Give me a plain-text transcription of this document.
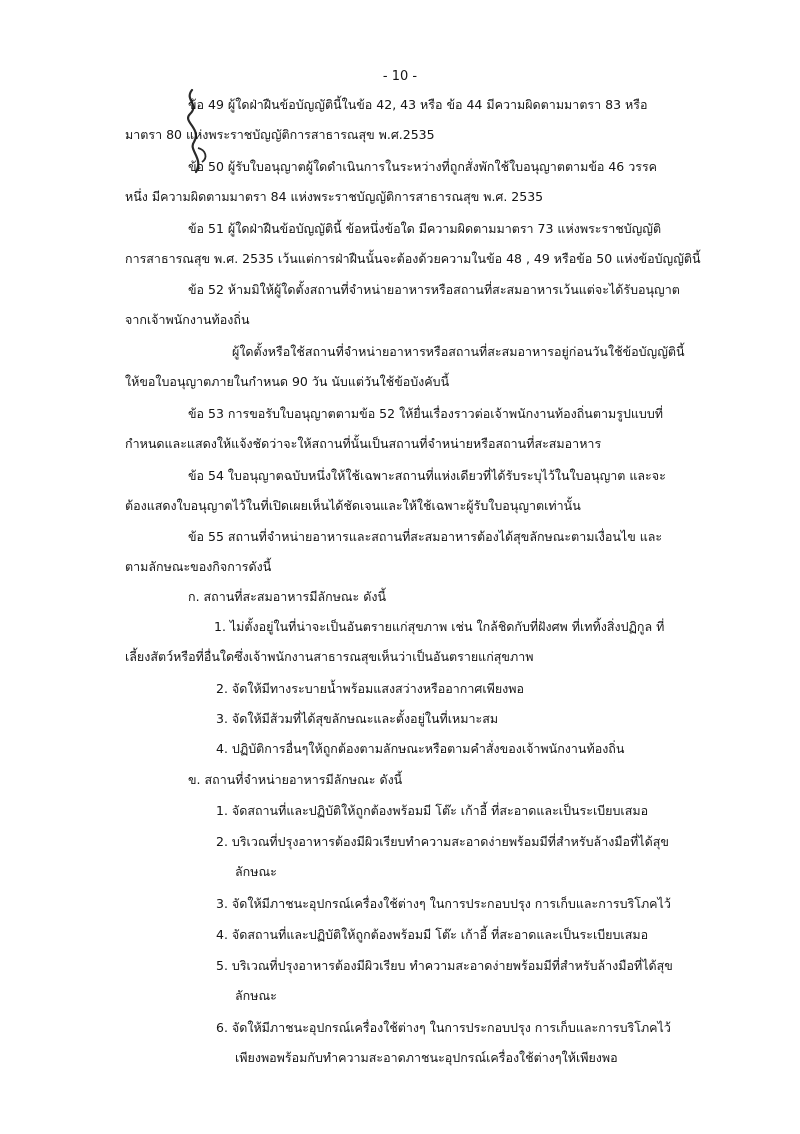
- 10 -
ข้อ 49 ผู้ใดฝ่าฝืนข้อบัญญัตินี้ในข้อ 42, 43 หรือ ข้อ 44 มีความผิดตามมาตรา 83 หรือ
มาตรา 80 แห่งพระราชบัญญัติการสาธารณสุข พ.ศ.2535
ข้อ 50 ผู้รับใบอนุญาตผู้ใดดำเนินการในระหว่างที่ถูกสั่งพักใช้ใบอนุญาตตามข้อ 46 วรรค
หนึ่ง มีความผิดตามมาตรา 84 แห่งพระราชบัญญัติการสาธารณสุข พ.ศ. 2535
ข้อ 51 ผู้ใดฝ่าฝืนข้อบัญญัตินี้ ข้อหนึ่งข้อใด มีความผิดตามมาตรา 73 แห่งพระราชบัญญัติ
การสาธารณสุข พ.ศ. 2535 เว้นแต่การฝ่าฝืนนั้นจะต้องด้วยความในข้อ 48 , 49 หรือข้อ 50 แห่งข้อบัญญัตินี้
ข้อ 52 ห้ามมิให้ผู้ใดตั้งสถานที่จำหน่ายอาหารหรือสถานที่สะสมอาหารเว้นแต่จะได้รับอนุญาต
จากเจ้าพนักงานท้องถิ่น
ผู้ใดตั้งหรือใช้สถานที่จำหน่ายอาหารหรือสถานที่สะสมอาหารอยู่ก่อนวันใช้ข้อบัญญัตินี้
ให้ขอใบอนุญาตภายในกำหนด 90 วัน นับแต่วันใช้ข้อบังคับนี้
ข้อ 53 การขอรับใบอนุญาตตามข้อ 52 ให้ยื่นเรื่องราวต่อเจ้าพนักงานท้องถิ่นตามรูปแบบที่
กำหนดและแสดงให้แจ้งชัดว่าจะให้สถานที่นั้นเป็นสถานที่จำหน่ายหรือสถานที่สะสมอาหาร
ข้อ 54 ใบอนุญาตฉบับหนึ่งให้ใช้เฉพาะสถานที่แห่งเดียวที่ได้รับระบุไว้ในใบอนุญาต และจะ
ต้องแสดงใบอนุญาตไว้ในที่เปิดเผยเห็นได้ชัดเจนและให้ใช้เฉพาะผู้รับใบอนุญาตเท่านั้น
ข้อ 55 สถานที่จำหน่ายอาหารและสถานที่สะสมอาหารต้องได้สุขลักษณะตามเงื่อนไข และ
ตามลักษณะของกิจการดังนี้
ก. สถานที่สะสมอาหารมีลักษณะ ดังนี้
1. ไม่ตั้งอยู่ในที่น่าจะเป็นอันตรายแก่สุขภาพ เช่น ใกล้ชิดกับที่ฝังศพ ที่เททิ้งสิ่งปฏิกูล ที่
เลี้ยงสัตว์หรือที่อื่นใดซึ่งเจ้าพนักงานสาธารณสุขเห็นว่าเป็นอันตรายแก่สุขภาพ
2. จัดให้มีทางระบายน้ำพร้อมแสงสว่างหรืออากาศเพียงพอ
3. จัดให้มีส้วมที่ได้สุขลักษณะและตั้งอยู่ในที่เหมาะสม
4. ปฏิบัติการอื่นๆให้ถูกต้องตามลักษณะหรือตามคำสั่งของเจ้าพนักงานท้องถิ่น
ข. สถานที่จำหน่ายอาหารมีลักษณะ ดังนี้
1. จัดสถานที่และปฏิบัติให้ถูกต้องพร้อมมี โต๊ะ เก้าอี้ ที่สะอาดและเป็นระเบียบเสมอ
2. บริเวณที่ปรุงอาหารต้องมีผิวเรียบทำความสะอาดง่ายพร้อมมีที่สำหรับล้างมือที่ได้สุข
ลักษณะ
3. จัดให้มีภาชนะอุปกรณ์เครื่องใช้ต่างๆ ในการประกอบปรุง การเก็บและการบริโภคไว้
4. จัดสถานที่และปฏิบัติให้ถูกต้องพร้อมมี โต๊ะ เก้าอี้ ที่สะอาดและเป็นระเบียบเสมอ
5. บริเวณที่ปรุงอาหารต้องมีผิวเรียบ ทำความสะอาดง่ายพร้อมมีที่สำหรับล้างมือที่ได้สุข
ลักษณะ
6. จัดให้มีภาชนะอุปกรณ์เครื่องใช้ต่างๆ ในการประกอบปรุง การเก็บและการบริโภคไว้
เพียงพอพร้อมกับทำความสะอาดภาชนะอุปกรณ์เครื่องใช้ต่างๆให้เพียงพอ
